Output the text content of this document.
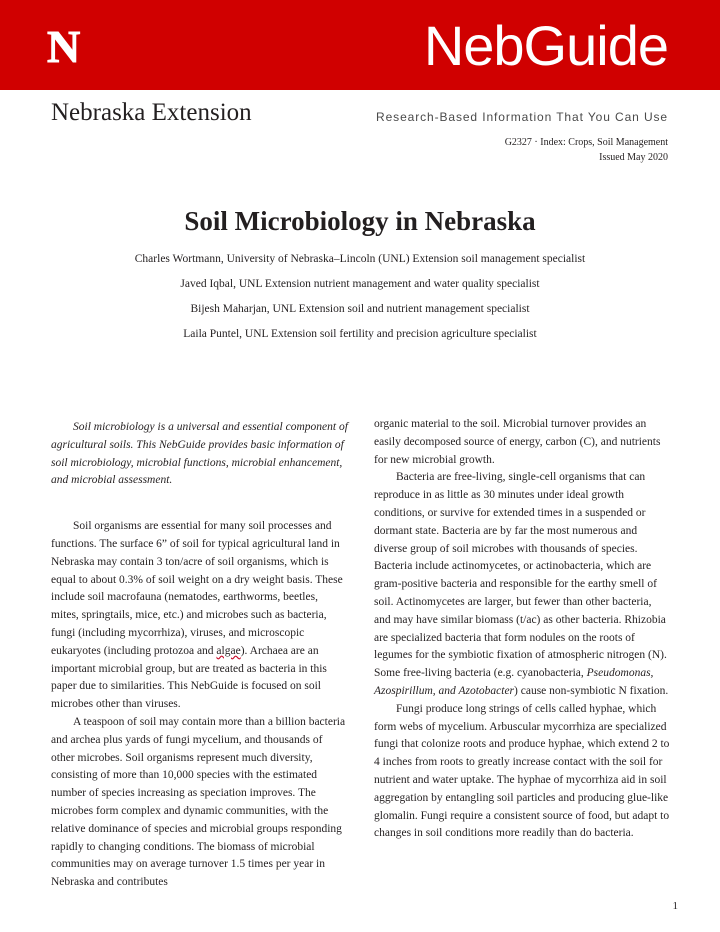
N	NebGuide
Nebraska Extension	Research-Based Information That You Can Use
G2327 · Index: Crops, Soil Management
Issued May 2020
Soil Microbiology in Nebraska
Charles Wortmann, University of Nebraska–Lincoln (UNL) Extension soil management specialist
Javed Iqbal, UNL Extension nutrient management and water quality specialist
Bijesh Maharjan, UNL Extension soil and nutrient management specialist
Laila Puntel, UNL Extension soil fertility and precision agriculture specialist

Soil microbiology is a universal and essential component of agricultural soils. This NebGuide provides basic information of soil microbiology, microbial functions, microbial enhancement, and microbial assessment.

Soil organisms are essential for many soil processes and functions. The surface 6” of soil for typical agricultural land in Nebraska may contain 3 ton/acre of soil organisms, which is equal to about 0.3% of soil weight on a dry weight basis. These include soil macrofauna (nematodes, earthworms, beetles, mites, springtails, mice, etc.) and microbes such as bacteria, fungi (including mycorrhiza), viruses, and microscopic eukaryotes (including protozoa and algae). Archaea are an important microbial group, but are treated as bacteria in this paper due to similarities. This NebGuide is focused on soil microbes other than viruses.

A teaspoon of soil may contain more than a billion bacteria and archea plus yards of fungi mycelium, and thousands of other microbes. Soil organisms represent much diversity, consisting of more than 10,000 species with the estimated number of species increasing as speciation improves. The microbes form complex and dynamic communities, with the relative dominance of species and microbial groups responding rapidly to changing conditions. The biomass of microbial communities may on average turnover 1.5 times per year in Nebraska and contributes

organic material to the soil. Microbial turnover provides an easily decomposed source of energy, carbon (C), and nutrients for new microbial growth.

Bacteria are free-living, single-cell organisms that can reproduce in as little as 30 minutes under ideal growth conditions, or survive for extended times in a suspended or dormant state. Bacteria are by far the most numerous and diverse group of soil microbes with thousands of species. Bacteria include actinomycetes, or actinobacteria, which are gram-positive bacteria and responsible for the earthy smell of soil. Actinomycetes are larger, but fewer than other bacteria, and may have similar biomass (t/ac) as other bacteria. Rhizobia are specialized bacteria that form nodules on the roots of legumes for the symbiotic fixation of atmospheric nitrogen (N). Some free-living bacteria (e.g. cyanobacteria, Pseudomonas, Azospirillum, and Azotobacter) cause non-symbiotic N fixation.

Fungi produce long strings of cells called hyphae, which form webs of mycelium. Arbuscular mycorrhiza are specialized fungi that colonize roots and produce hyphae, which extend 2 to 4 inches from roots to greatly increase contact with the soil for nutrient and water uptake. The hyphae of mycorrhiza aid in soil aggregation by entangling soil particles and producing glue-like glomalin. Fungi require a consistent source of food, but adapt to changes in soil conditions more readily than do bacteria.

1
